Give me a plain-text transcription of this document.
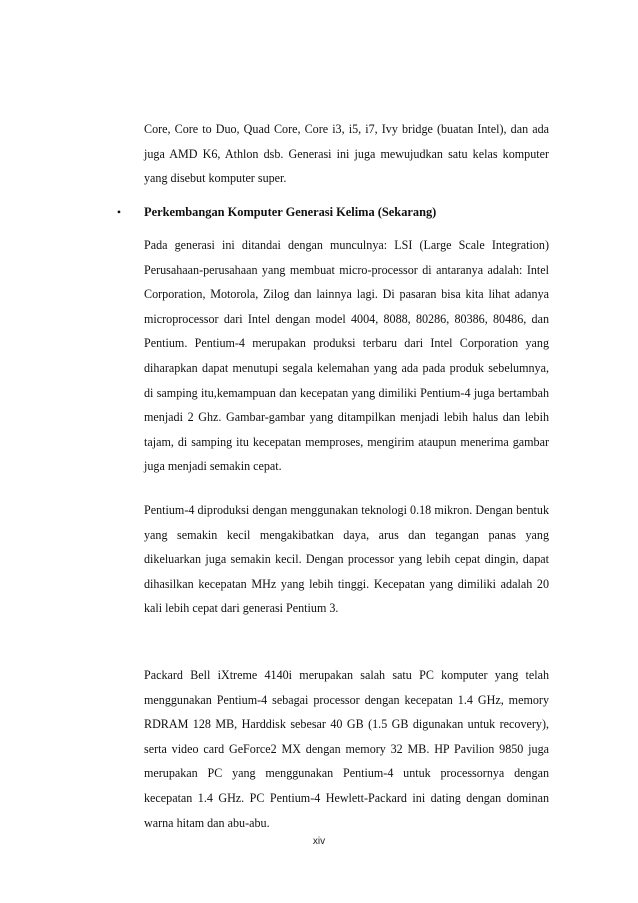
Core, Core to Duo, Quad Core, Core i3, i5, i7, Ivy bridge (buatan Intel), dan ada juga AMD K6, Athlon dsb. Generasi ini juga mewujudkan satu kelas komputer yang disebut komputer super.

•	Perkembangan Komputer Generasi Kelima (Sekarang)

Pada generasi ini ditandai dengan munculnya: LSI (Large Scale Integration) Perusahaan-perusahaan yang membuat micro-processor di antaranya adalah: Intel Corporation, Motorola, Zilog dan lainnya lagi. Di pasaran bisa kita lihat adanya microprocessor dari Intel dengan model 4004, 8088, 80286, 80386, 80486, dan Pentium. Pentium-4 merupakan produksi terbaru dari Intel Corporation yang diharapkan dapat menutupi segala kelemahan yang ada pada produk sebelumnya, di samping itu,kemampuan dan kecepatan yang dimiliki Pentium-4 juga bertambah menjadi 2 Ghz. Gambar-gambar yang ditampilkan menjadi lebih halus dan lebih tajam, di samping itu kecepatan memproses, mengirim ataupun menerima gambar juga menjadi semakin cepat.

Pentium-4 diproduksi dengan menggunakan teknologi 0.18 mikron. Dengan bentuk yang semakin kecil mengakibatkan daya, arus dan tegangan panas yang dikeluarkan juga semakin kecil. Dengan processor yang lebih cepat dingin, dapat dihasilkan kecepatan MHz yang lebih tinggi. Kecepatan yang dimiliki adalah 20 kali lebih cepat dari generasi Pentium 3.

Packard Bell iXtreme 4140i merupakan salah satu PC komputer yang telah menggunakan Pentium-4 sebagai processor dengan kecepatan 1.4 GHz, memory RDRAM 128 MB, Harddisk sebesar 40 GB (1.5 GB digunakan untuk recovery), serta video card GeForce2 MX dengan memory 32 MB. HP Pavilion 9850 juga merupakan PC yang menggunakan Pentium-4 untuk processornya dengan kecepatan 1.4 GHz. PC Pentium-4 Hewlett-Packard ini dating dengan dominan warna hitam dan abu-abu.

xiv
